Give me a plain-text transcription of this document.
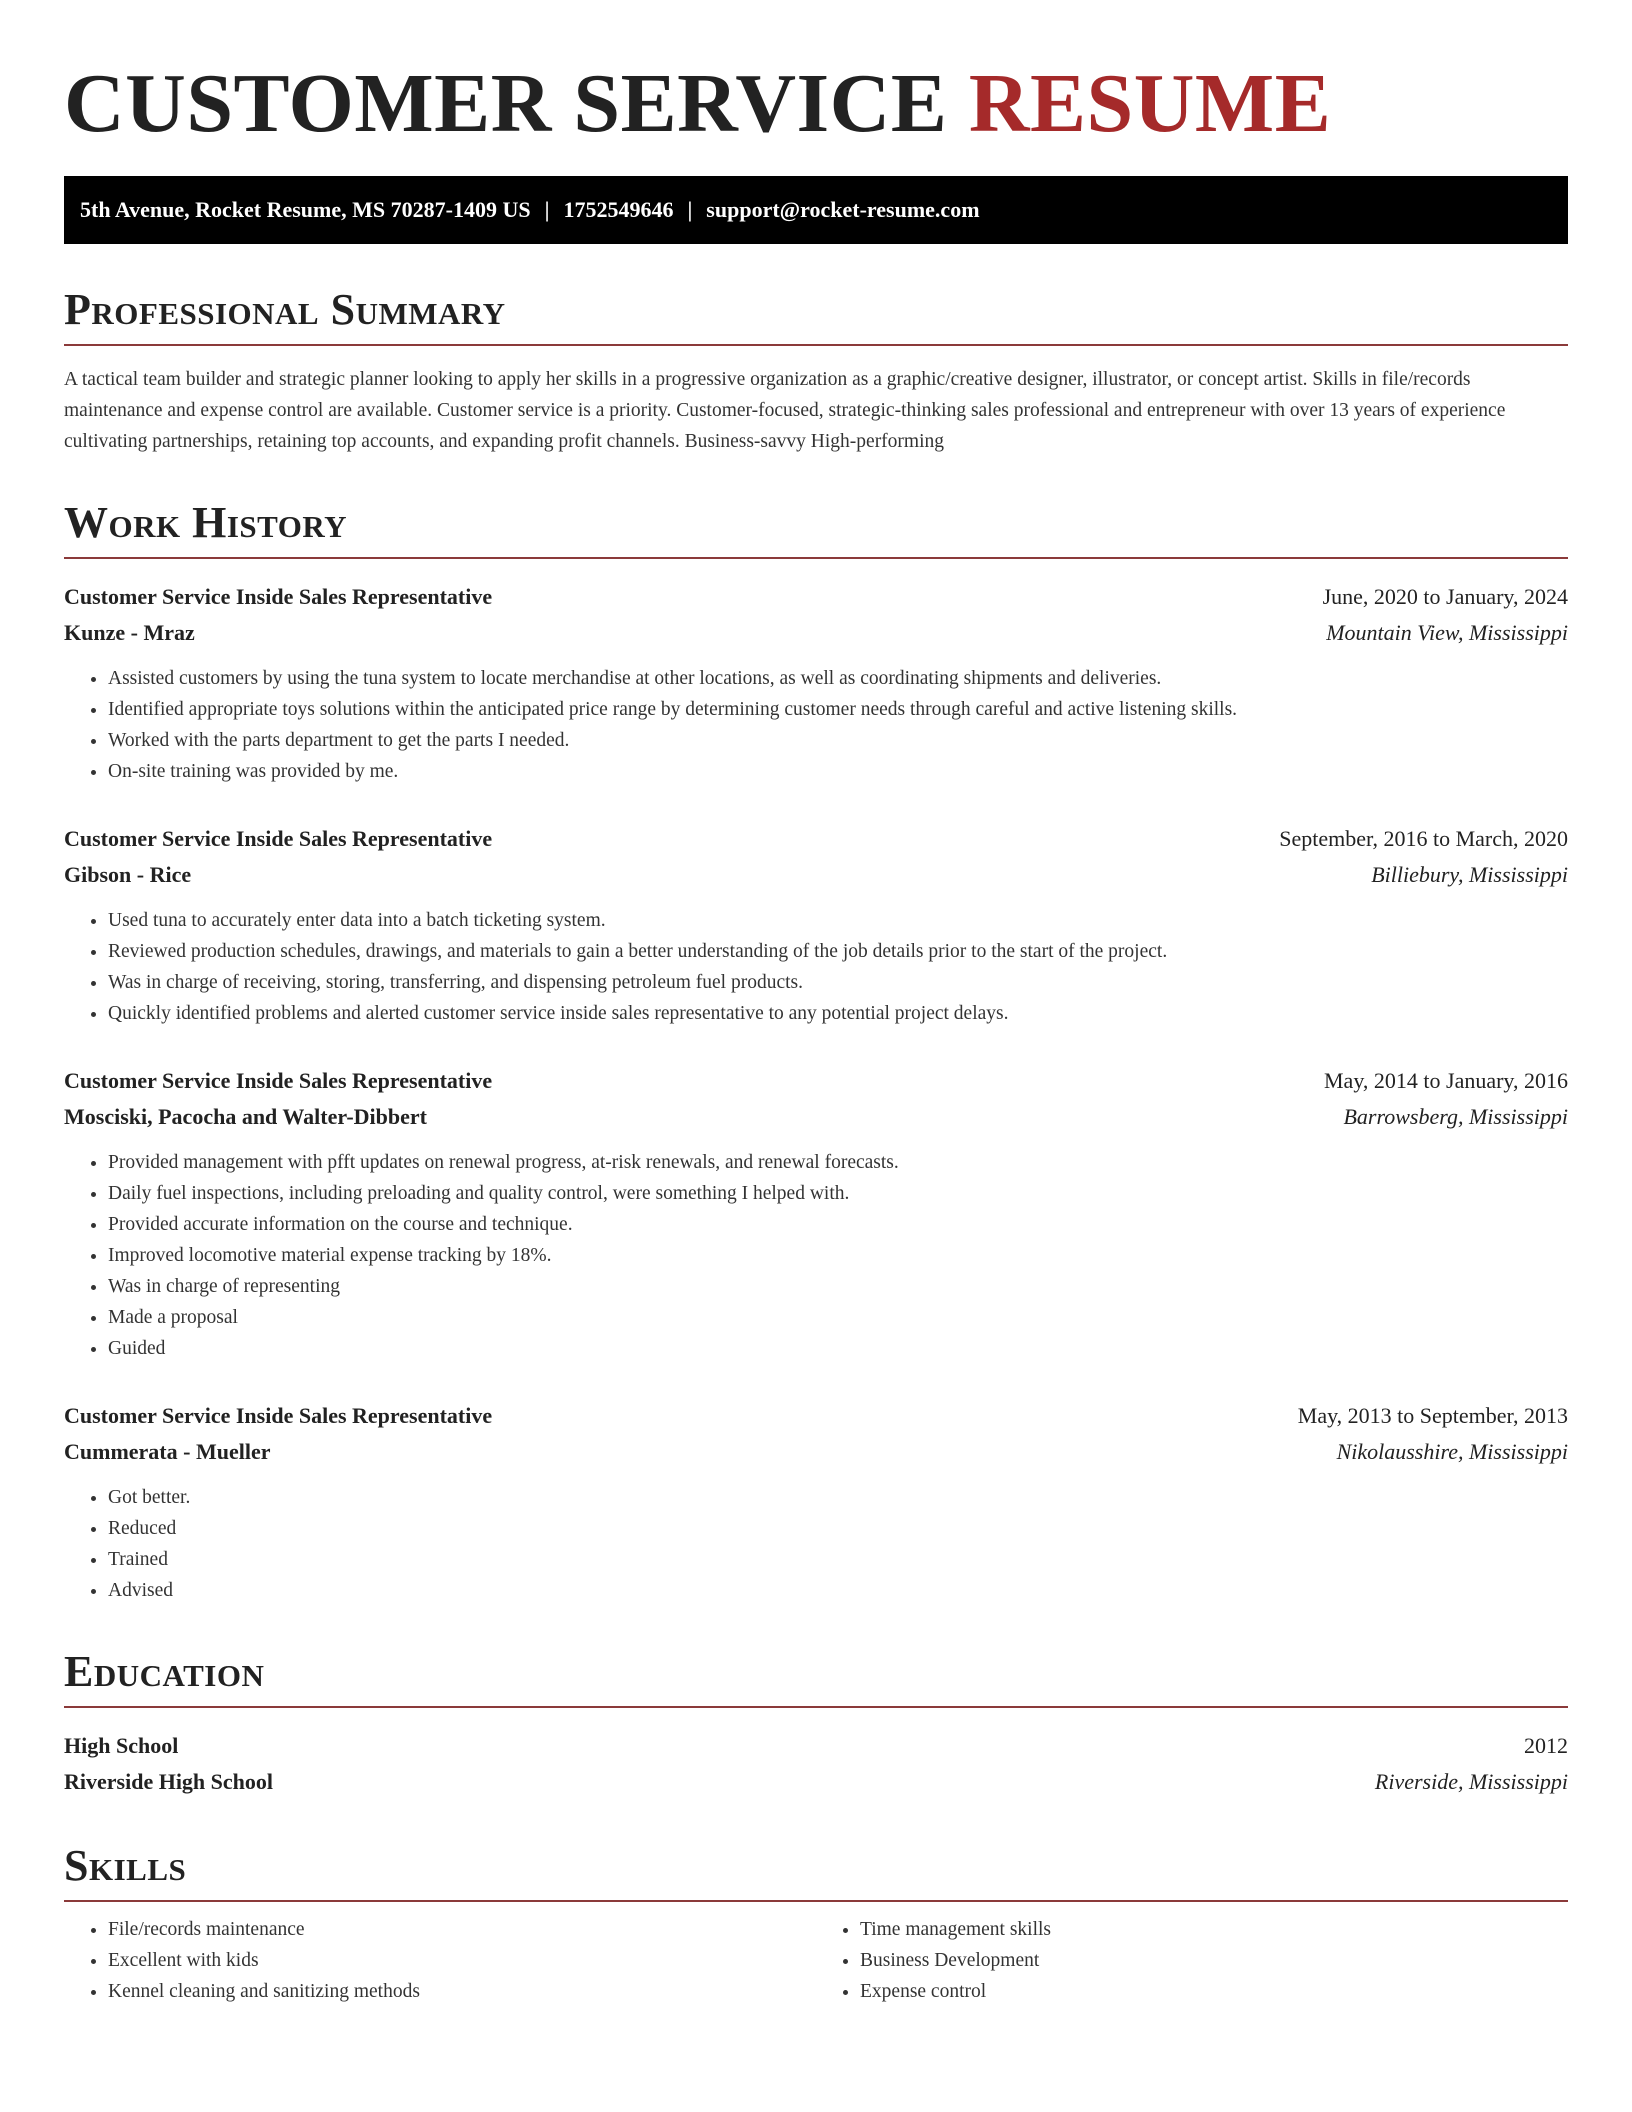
CUSTOMER SERVICE RESUME
5th Avenue, Rocket Resume, MS 70287-1409 US | 1752549646 | support@rocket-resume.com
Professional Summary

A tactical team builder and strategic planner looking to apply her skills in a progressive organization as a graphic/creative designer, illustrator, or concept artist. Skills in file/records maintenance and expense control are available. Customer service is a priority. Customer-focused, strategic-thinking sales professional and entrepreneur with over 13 years of experience cultivating partnerships, retaining top accounts, and expanding profit channels. Business-savvy High-performing

Work History
Customer Service Inside Sales Representative	June, 2020 to January, 2024
Kunze - Mraz	Mountain View, Mississippi
• Assisted customers by using the tuna system to locate merchandise at other locations, as well as coordinating shipments and deliveries.
• Identified appropriate toys solutions within the anticipated price range by determining customer needs through careful and active listening skills.
• Worked with the parts department to get the parts I needed.
• On-site training was provided by me.
Customer Service Inside Sales Representative	September, 2016 to March, 2020
Gibson - Rice	Billiebury, Mississippi
• Used tuna to accurately enter data into a batch ticketing system.
• Reviewed production schedules, drawings, and materials to gain a better understanding of the job details prior to the start of the project.
• Was in charge of receiving, storing, transferring, and dispensing petroleum fuel products.
• Quickly identified problems and alerted customer service inside sales representative to any potential project delays.
Customer Service Inside Sales Representative	May, 2014 to January, 2016
Mosciski, Pacocha and Walter-Dibbert	Barrowsberg, Mississippi
• Provided management with pfft updates on renewal progress, at-risk renewals, and renewal forecasts.
• Daily fuel inspections, including preloading and quality control, were something I helped with.
• Provided accurate information on the course and technique.
• Improved locomotive material expense tracking by 18%.
• Was in charge of representing
• Made a proposal
• Guided
Customer Service Inside Sales Representative	May, 2013 to September, 2013
Cummerata - Mueller	Nikolausshire, Mississippi
• Got better.
• Reduced
• Trained
• Advised
Education
High School	2012
Riverside High School	Riverside, Mississippi
Skills
• File/records maintenance
• Excellent with kids
• Kennel cleaning and sanitizing methods
• Time management skills
• Business Development
• Expense control
